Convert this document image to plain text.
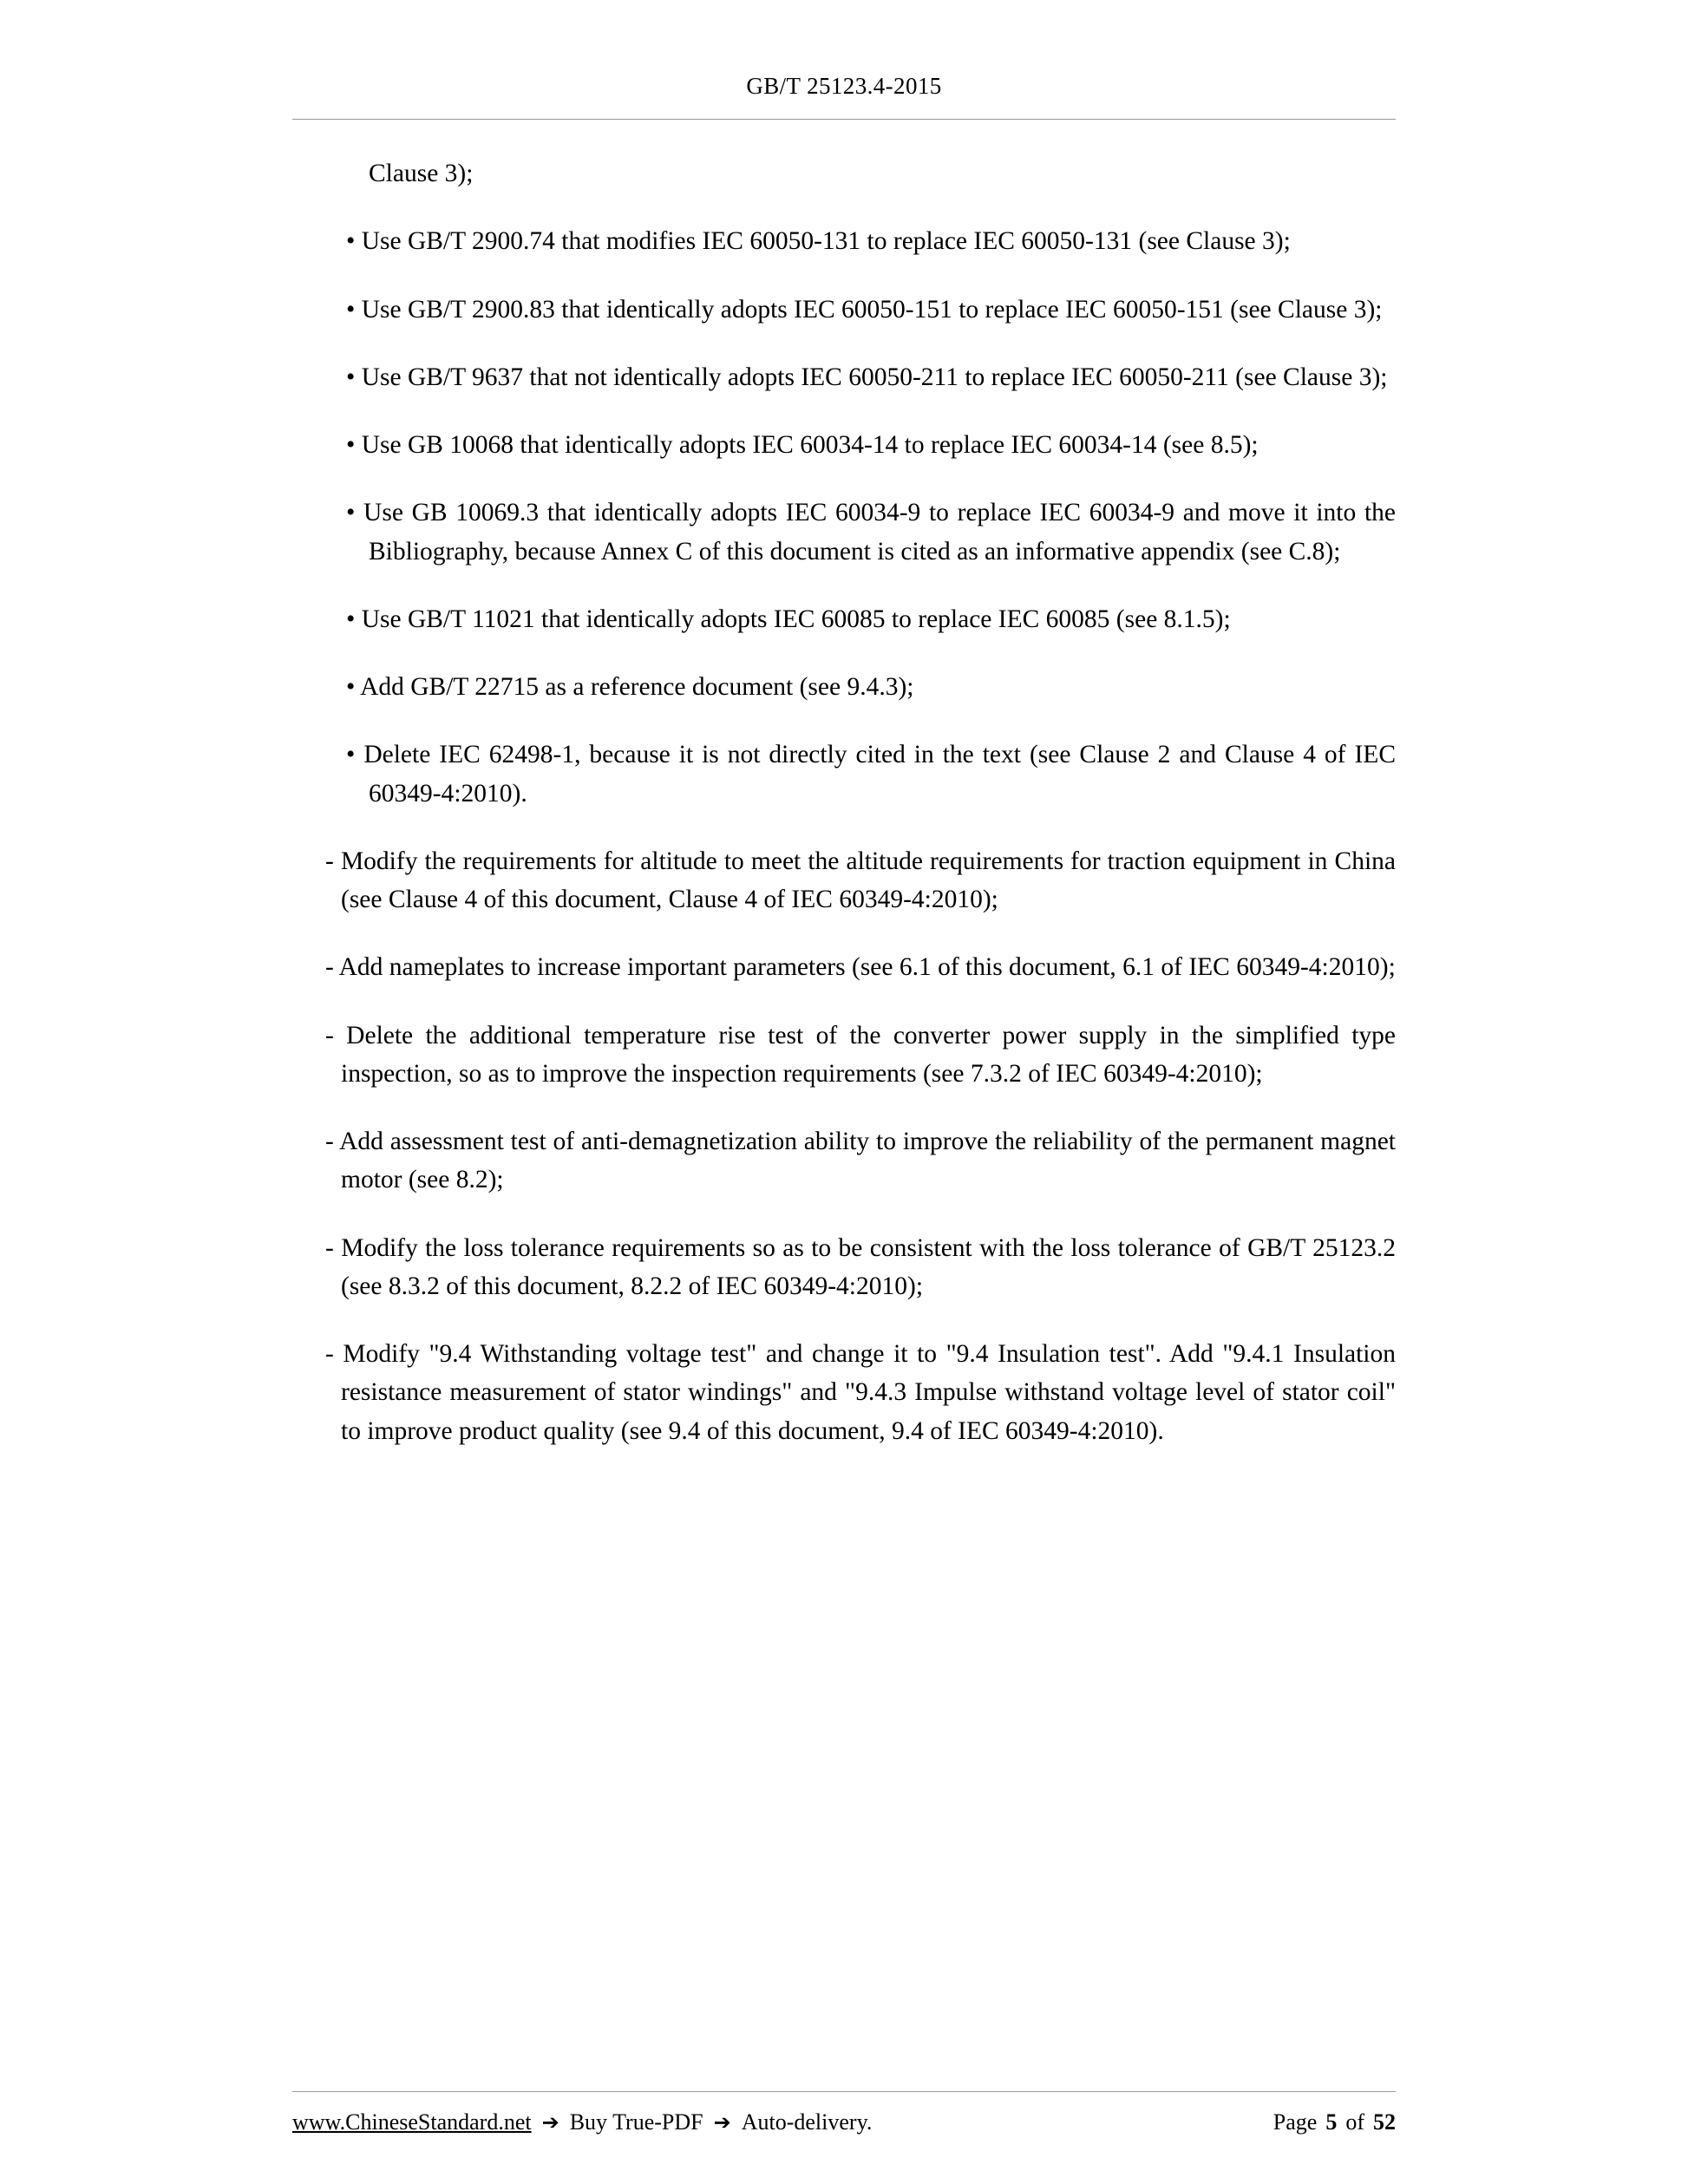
GB/T 25123.4-2015

Clause 3);

• Use GB/T 2900.74 that modifies IEC 60050-131 to replace IEC 60050-131 (see Clause 3);

• Use GB/T 2900.83 that identically adopts IEC 60050-151 to replace IEC 60050-151 (see Clause 3);

• Use GB/T 9637 that not identically adopts IEC 60050-211 to replace IEC 60050-211 (see Clause 3);

• Use GB 10068 that identically adopts IEC 60034-14 to replace IEC 60034-14 (see 8.5);

• Use GB 10069.3 that identically adopts IEC 60034-9 to replace IEC 60034-9 and move it into the Bibliography, because Annex C of this document is cited as an informative appendix (see C.8);

• Use GB/T 11021 that identically adopts IEC 60085 to replace IEC 60085 (see 8.1.5);

• Add GB/T 22715 as a reference document (see 9.4.3);

• Delete IEC 62498-1, because it is not directly cited in the text (see Clause 2 and Clause 4 of IEC 60349-4:2010).

- Modify the requirements for altitude to meet the altitude requirements for traction equipment in China (see Clause 4 of this document, Clause 4 of IEC 60349-4:2010);

- Add nameplates to increase important parameters (see 6.1 of this document, 6.1 of IEC 60349-4:2010);

- Delete the additional temperature rise test of the converter power supply in the simplified type inspection, so as to improve the inspection requirements (see 7.3.2 of IEC 60349-4:2010);

- Add assessment test of anti-demagnetization ability to improve the reliability of the permanent magnet motor (see 8.2);

- Modify the loss tolerance requirements so as to be consistent with the loss tolerance of GB/T 25123.2 (see 8.3.2 of this document, 8.2.2 of IEC 60349-4:2010);

- Modify "9.4 Withstanding voltage test" and change it to "9.4 Insulation test". Add "9.4.1 Insulation resistance measurement of stator windings" and "9.4.3 Impulse withstand voltage level of stator coil" to improve product quality (see 9.4 of this document, 9.4 of IEC 60349-4:2010).

www.ChineseStandard.net ➔ Buy True-PDF ➔ Auto-delivery.	Page 5 of 52
